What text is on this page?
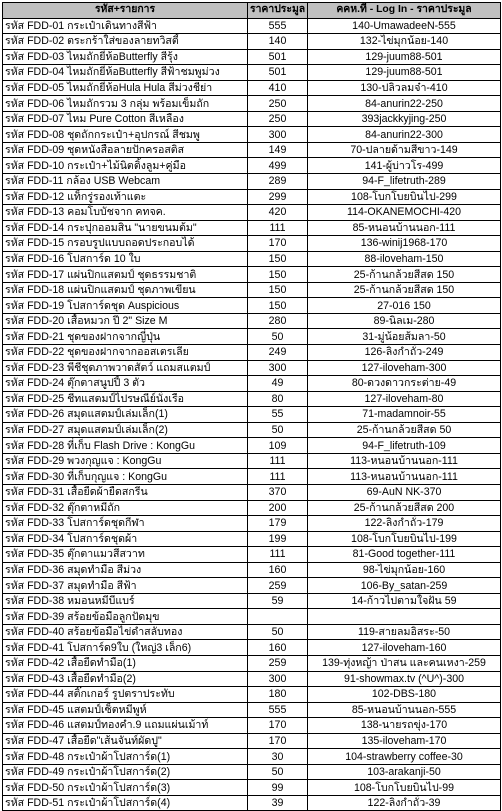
รหัส+รายการ	ราคาประมูล	คคห.ที่ - Log In - ราคาประมูล
รหัส FDD-01 กระเป๋าเดินทางสีฟ้า	555	140-UmawadeeN-555
รหัส FDD-02 ตระกร้าใส่ของลายทวิสตี้	140	132-ไข่มุกน้อย-140
รหัส FDD-03 ไหมถักยี่ห้อButterfly สีรุ้ง	501	129-juum88-501
รหัส FDD-04 ไหมถักยี่ห้อButterfly สีฟ้าชมพูม่วง	501	129-juum88-501
รหัส FDD-05 ไหมถักยี่ห้อHula Hula สีม่วงชีย่า	410	130-ปลิวลมจ๋า-410
รหัส FDD-06 ไหมถักรวม 3 กลุ่ม พร้อมเข็มถัก	250	84-anurin22-250
รหัส FDD-07 ไหม Pure Cotton สีเหลือง	250	393jackkyjing-250
รหัส FDD-08 ชุดถักกระเป๋า+อุปกรณ์ สีชมพู	300	84-anurin22-300
รหัส FDD-09 ชุดหนังสือลายปักครอสติส	149	70-ปลายด้ามสีขาว-149
รหัส FDD-10 กระเป๋า+ไม้นิตติ้งลูม+คู่มือ	499	141-ผู้บ่าวโร-499
รหัส FDD-11 กล้อง USB Webcam	289	94-F_lifetruth-289
รหัส FDD-12 แท็กรู่รองเท้าแตะ	299	108-โบกโบยบินไป-299
รหัส FDD-13 คอมโบบัชจาก คทจค.	420	114-OKANEMOCHI-420
รหัส FDD-14 กระปุกออมสิน "นายขนมต้ม"	111	85-หนอนบ้านนอก-111
รหัส FDD-15 กรอบรูปแบบถอดประกอบได้	170	136-winij1968-170
รหัส FDD-16 โปสการ์ด 10 ใบ	150	88-iloveham-150
รหัส FDD-17 แผ่นปิกแสตมป์ ชุดธรรมชาติ	150	25-ก้านกล้วยสีสด 150
รหัส FDD-18 แผ่นปิกแสตมป์ ชุดภาพเขียน	150	25-ก้านกล้วยสีสด 150
รหัส FDD-19 โปสการ์ดชุด Auspicious	150	27-016 150
รหัส FDD-20 เสื้อหมวก ปี 2" Size M	280	89-นิลเม-280
รหัส FDD-21 ชุดของฝากจากญี่ปุ่น	50	31-มู่น้อยส้มลา-50
รหัส FDD-22 ชุดของฝากจากออสเตรเลีย	249	126-ลิงกำถั่ว-249
รหัส FDD-23 พีชีชุดภาพวาดสัตว์ แถมสแตมป์	300	127-iloveham-300
รหัส FDD-24 ตุ๊กตาสนูปปี้ 3 ตัว	49	80-ดวงดาวกระต่าย-49
รหัส FDD-25 ชีทแสตมป์ไปรษณีย์นั่งเรือ	80	127-iloveham-80
รหัส FDD-26 สมุดแสตมป์เล่มเล็ก(1)	55	71-madamnoir-55
รหัส FDD-27 สมุดแสตมป์เล่มเล็ก(2)	50	25-ก้านกล้วยสีสด 50
รหัส FDD-28 ที่เก็บ Flash Drive : KongGu	109	94-F_lifetruth-109
รหัส FDD-29 พวงกุญแจ : KongGu	111	113-หนอนบ้านนอก-111
รหัส FDD-30 ที่เก็บกุญแจ : KongGu	111	113-หนอนบ้านนอก-111
รหัส FDD-31 เสื้อยืดผ้ายืดสกรีน	370	69-AuN NK-370
รหัส FDD-32 ตุ๊กตาหมีถัก	200	25-ก้านกล้วยสีสด 200
รหัส FDD-33 โปสการ์ดชุดกีฬา	179	122-ลิงกำถั่ว-179
รหัส FDD-34 โปสการ์ดชุดผ้า	199	108-โบกโบยบินไป-199
รหัส FDD-35 ตุ๊กตาแมวสีสวาท	111	81-Good together-111
รหัส FDD-36 สมุดทำมือ สีม่วง	160	98-ไข่มุกน้อย-160
รหัส FDD-37 สมุดทำมือ สีฟ้า	259	106-By_satan-259
รหัส FDD-38 หมอนหมีบีแบร์	59	14-ก้าวไปตามใจฝัน 59
รหัส FDD-39 สร้อยข้อมือลูกปัดมุข		
รหัส FDD-40 สร้อยข้อมือไข่ดำสลับทอง	50	119-สายลมอิสระ-50
รหัส FDD-41 โปสการ์ด9ใบ (ใหญ่3 เล็ก6)	160	127-iloveham-160
รหัส FDD-42 เสื้อยืดทำมือ(1)	259	139-ทุ่งหญ้า ป่าสน และคนเหงา-259
รหัส FDD-43 เสื้อยืดทำมือ(2)	300	91-showmax.tv (^U^)-300
รหัส FDD-44 สติ๊กเกอร์ รูปตราประทับ	180	102-DBS-180
รหัส FDD-45 แสตมป์เซ็ตหมีพูห์	555	85-หนอนบ้านนอก-555
รหัส FDD-46 แสตมป์ทองคำ.9 แถมแผ่นเม้าท์	170	138-นายรถขุ่ง-170
รหัส FDD-47 เสื้อยืด"เส้นจันท์ผัดปู"	170	135-iloveham-170
รหัส FDD-48 กระเป๋าผ้าโปสการ์ด(1)	30	104-strawberry coffee-30
รหัส FDD-49 กระเป๋าผ้าโปสการ์ด(2)	50	103-arakanji-50
รหัส FDD-50 กระเป๋าผ้าโปสการ์ด(3)	99	108-โบกโบยบินไป-99
รหัส FDD-51 กระเป๋าผ้าโปสการ์ด(4)	39	122-ลิงกำถั่ว-39
